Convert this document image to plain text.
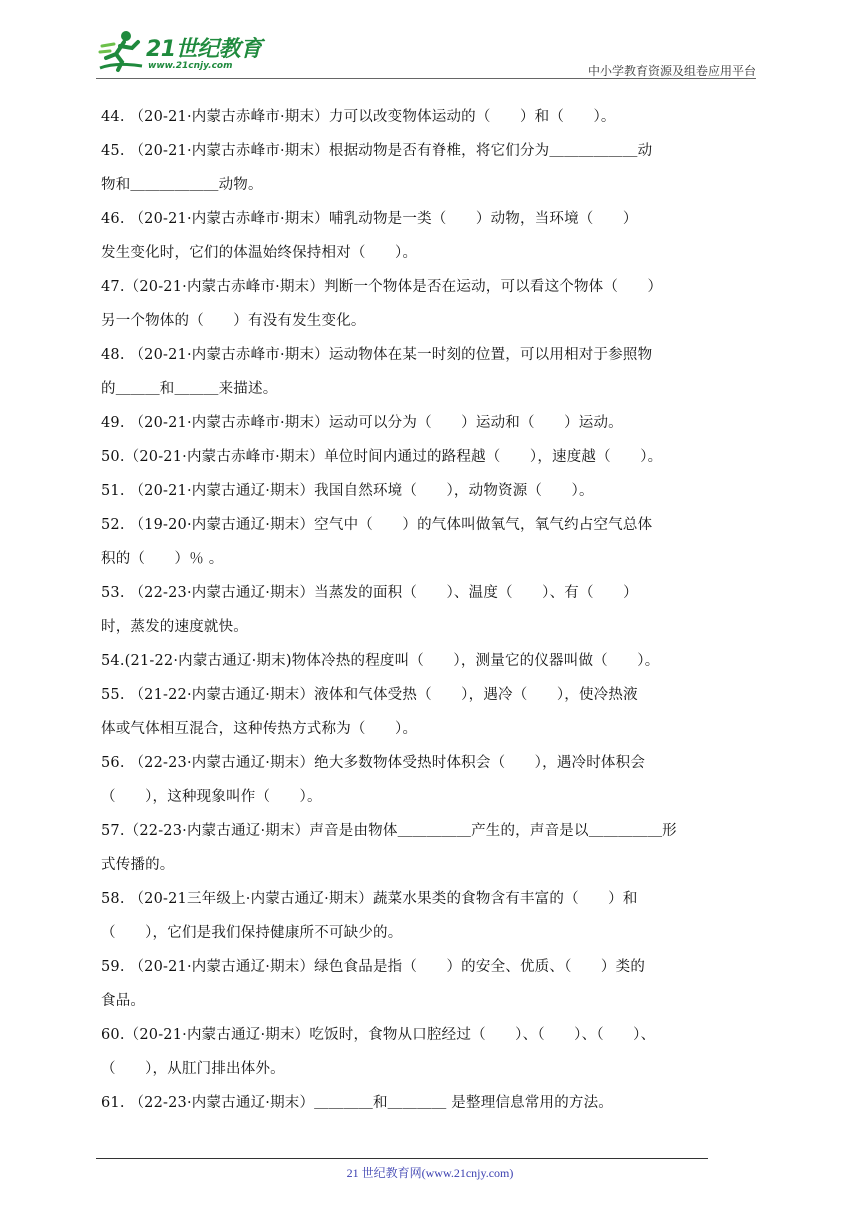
21世纪教育
www.21cnjy.com	中小学教育资源及组卷应用平台

44. （20-21·内蒙古赤峰市·期末）力可以改变物体运动的（　　）和（　　）。

45. （20-21·内蒙古赤峰市·期末）根据动物是否有脊椎，将它们分为＿＿＿＿＿＿动

物和＿＿＿＿＿＿动物。

46. （20-21·内蒙古赤峰市·期末）哺乳动物是一类（　　）动物，当环境（　　）

发生变化时，它们的体温始终保持相对（　　）。

47.（20-21·内蒙古赤峰市·期末）判断一个物体是否在运动，可以看这个物体（　　）

另一个物体的（　　）有没有发生变化。

48. （20-21·内蒙古赤峰市·期末）运动物体在某一时刻的位置，可以用相对于参照物

的＿＿＿和＿＿＿来描述。

49. （20-21·内蒙古赤峰市·期末）运动可以分为（　　）运动和（　　）运动。

50.（20-21·内蒙古赤峰市·期末）单位时间内通过的路程越（　　），速度越（　　）。

51. （20-21·内蒙古通辽·期末）我国自然环境（　　），动物资源（　　）。

52. （19-20·内蒙古通辽·期末）空气中（　　）的气体叫做氧气，氧气约占空气总体

积的（　　）％ 。

53. （22-23·内蒙古通辽·期末）当蒸发的面积（　　）、温度（　　）、有（　　）

时，蒸发的速度就快。

54.(21-22·内蒙古通辽·期末)物体冷热的程度叫（　　），测量它的仪器叫做（　　）。

55. （21-22·内蒙古通辽·期末）液体和气体受热（　　），遇冷（　　），使冷热液

体或气体相互混合，这种传热方式称为（　　）。

56. （22-23·内蒙古通辽·期末）绝大多数物体受热时体积会（　　），遇冷时体积会

（　　），这种现象叫作（　　）。

57.（22-23·内蒙古通辽·期末）声音是由物体＿＿＿＿＿产生的，声音是以＿＿＿＿＿形

式传播的。

58. （20-21三年级上·内蒙古通辽·期末）蔬菜水果类的食物含有丰富的（　　）和

（　　），它们是我们保持健康所不可缺少的。

59. （20-21·内蒙古通辽·期末）绿色食品是指（　　）的安全、优质、（　　）类的

食品。

60.（20-21·内蒙古通辽·期末）吃饭时，食物从口腔经过（　　）、（　　）、（　　）、

（　　），从肛门排出体外。

61. （22-23·内蒙古通辽·期末）＿＿＿＿和＿＿＿＿ 是整理信息常用的方法。

21 世纪教育网(www.21cnjy.com)
